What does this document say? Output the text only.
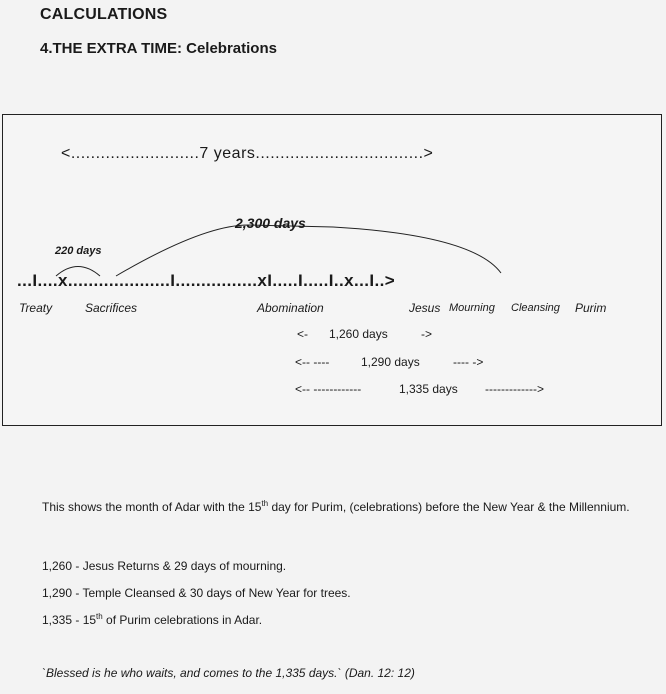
CALCULATIONS
4.THE EXTRA TIME: Celebrations
<..........................7 years..................................>
2,300 days
220 days
...I....x....................I................xI.....I.....I..x...I..>
Treaty	Sacrifices	Abomination	Jesus Mourning Cleansing Purim
<- 1,260 days	->
<-- ----	1,290 days	---- ->
<-- ------------	1,335 days ------------->
This shows the month of Adar with the 15th day for Purim, (celebrations) before the New Year & the Millennium.
1,260 - Jesus Returns & 29 days of mourning.
1,290 - Temple Cleansed & 30 days of New Year for trees.
1,335 - 15th of Purim celebrations in Adar.
`Blessed is he who waits, and comes to the 1,335 days.` (Dan. 12: 12)
